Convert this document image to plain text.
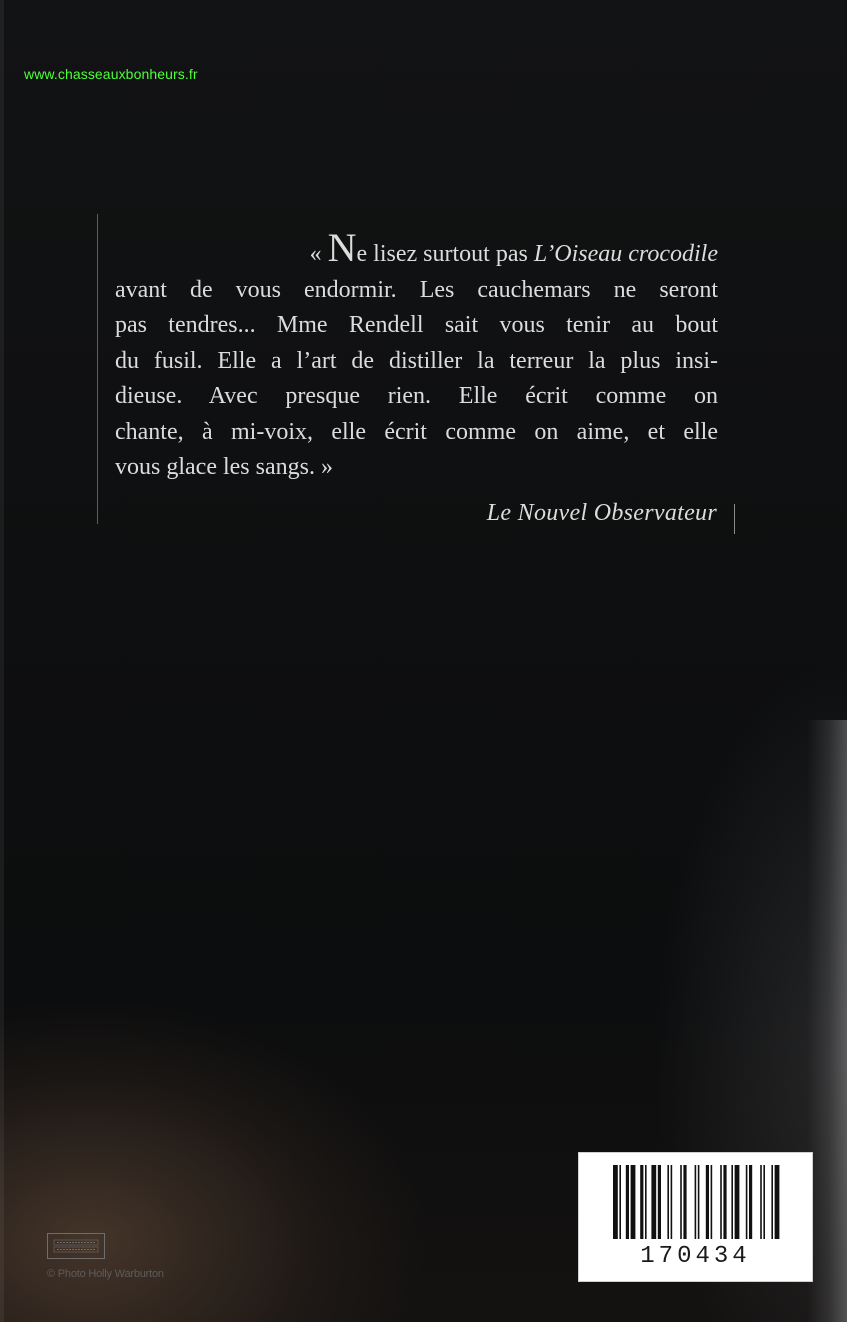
www.chasseauxbonheurs.fr
« Ne lisez surtout pas L’Oiseau crocodile
avant de vous endormir. Les cauchemars ne seront
pas tendres... Mme Rendell sait vous tenir au bout
du fusil. Elle a l’art de distiller la terreur la plus insi-
dieuse. Avec presque rien. Elle écrit comme on
chante, à mi-voix, elle écrit comme on aime, et elle
vous glace les sangs. »
Le Nouvel Observateur
© Photo Holly Warburton
170434
